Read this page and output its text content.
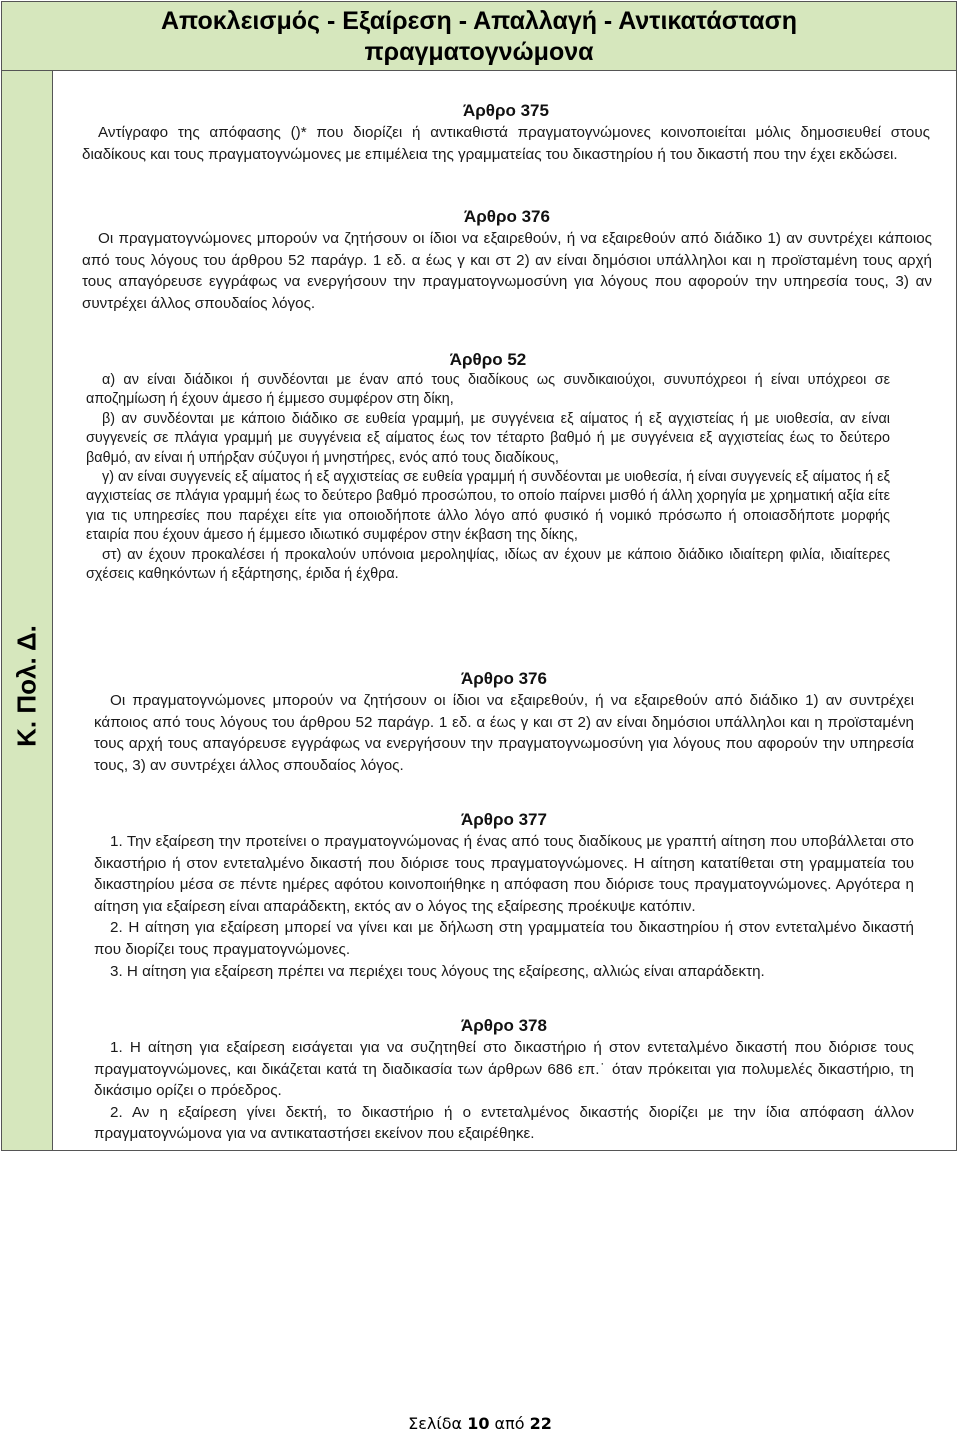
Αποκλεισμός - Εξαίρεση - Απαλλαγή - Αντικατάσταση
πραγματογνώμονα
Κ. Πολ. Δ.
Άρθρο 375

Αντίγραφο της απόφασης ()* που διορίζει ή αντικαθιστά πραγματογνώμονες κοινοποιείται μόλις δημοσιευθεί στους διαδίκους και τους πραγματογνώμονες με επιμέλεια της γραμματείας του δικαστηρίου ή του δικαστή που την έχει εκδώσει.

Άρθρο 376

Οι πραγματογνώμονες μπορούν να ζητήσουν οι ίδιοι να εξαιρεθούν, ή να εξαιρεθούν από διάδικο 1) αν συντρέχει κάποιος από τους λόγους του άρθρου 52 παράγρ. 1 εδ. α έως γ και στ 2) αν είναι δημόσιοι υπάλληλοι και η προϊσταμένη τους αρχή τους απαγόρευσε εγγράφως να ενεργήσουν την πραγματογνωμοσύνη για λόγους που αφορούν την υπηρεσία τους, 3) αν συντρέχει άλλος σπουδαίος λόγος.

Άρθρο 52

α) αν είναι διάδικοι ή συνδέονται με έναν από τους διαδίκους ως συνδικαιούχοι, συνυπόχρεοι ή είναι υπόχρεοι σε αποζημίωση ή έχουν άμεσο ή έμμεσο συμφέρον στη δίκη,

β) αν συνδέονται με κάποιο διάδικο σε ευθεία γραμμή, με συγγένεια εξ αίματος ή εξ αγχιστείας ή με υιοθεσία, αν είναι συγγενείς σε πλάγια γραμμή με συγγένεια εξ αίματος έως τον τέταρτο βαθμό ή με συγγένεια εξ αγχιστείας έως το δεύτερο βαθμό, αν είναι ή υπήρξαν σύζυγοι ή μνηστήρες, ενός από τους διαδίκους,

γ) αν είναι συγγενείς εξ αίματος ή εξ αγχιστείας σε ευθεία γραμμή ή συνδέονται με υιοθεσία, ή είναι συγγενείς εξ αίματος ή εξ αγχιστείας σε πλάγια γραμμή έως το δεύτερο βαθμό προσώπου, το οποίο παίρνει μισθό ή άλλη χορηγία με χρηματική αξία είτε για τις υπηρεσίες που παρέχει είτε για οποιοδήποτε άλλο λόγο από φυσικό ή νομικό πρόσωπο ή οποιασδήποτε μορφής εταιρία που έχουν άμεσο ή έμμεσο ιδιωτικό συμφέρον στην έκβαση της δίκης,

στ) αν έχουν προκαλέσει ή προκαλούν υπόνοια μεροληψίας, ιδίως αν έχουν με κάποιο διάδικο ιδιαίτερη φιλία, ιδιαίτερες σχέσεις καθηκόντων ή εξάρτησης, έριδα ή έχθρα.

Άρθρο 376

Οι πραγματογνώμονες μπορούν να ζητήσουν οι ίδιοι να εξαιρεθούν, ή να εξαιρεθούν από διάδικο 1) αν συντρέχει κάποιος από τους λόγους του άρθρου 52 παράγρ. 1 εδ. α έως γ και στ 2) αν είναι δημόσιοι υπάλληλοι και η προϊσταμένη τους αρχή τους απαγόρευσε εγγράφως να ενεργήσουν την πραγματογνωμοσύνη για λόγους που αφορούν την υπηρεσία τους, 3) αν συντρέχει άλλος σπουδαίος λόγος.

Άρθρο 377

1. Την εξαίρεση την προτείνει ο πραγματογνώμονας ή ένας από τους διαδίκους με γραπτή αίτηση που υποβάλλεται στο δικαστήριο ή στον εντεταλμένο δικαστή που διόρισε τους πραγματογνώμονες. Η αίτηση κατατίθεται στη γραμματεία του δικαστηρίου μέσα σε πέντε ημέρες αφότου κοινοποιήθηκε η απόφαση που διόρισε τους πραγματογνώμονες. Αργότερα η αίτηση για εξαίρεση είναι απαράδεκτη, εκτός αν ο λόγος της εξαίρεσης προέκυψε κατόπιν.

2. Η αίτηση για εξαίρεση μπορεί να γίνει και με δήλωση στη γραμματεία του δικαστηρίου ή στον εντεταλμένο δικαστή που διορίζει τους πραγματογνώμονες.

3. Η αίτηση για εξαίρεση πρέπει να περιέχει τους λόγους της εξαίρεσης, αλλιώς είναι απαράδεκτη.

Άρθρο 378

1. Η αίτηση για εξαίρεση εισάγεται για να συζητηθεί στο δικαστήριο ή στον εντεταλμένο δικαστή που διόρισε τους πραγματογνώμονες, και δικάζεται κατά τη διαδικασία των άρθρων 686 επ.˙ όταν πρόκειται για πολυμελές δικαστήριο, τη δικάσιμο ορίζει ο πρόεδρος.

2. Αν η εξαίρεση γίνει δεκτή, το δικαστήριο ή ο εντεταλμένος δικαστής διορίζει με την ίδια απόφαση άλλον πραγματογνώμονα για να αντικαταστήσει εκείνον που εξαιρέθηκε.

Σελίδα 10 από 22
